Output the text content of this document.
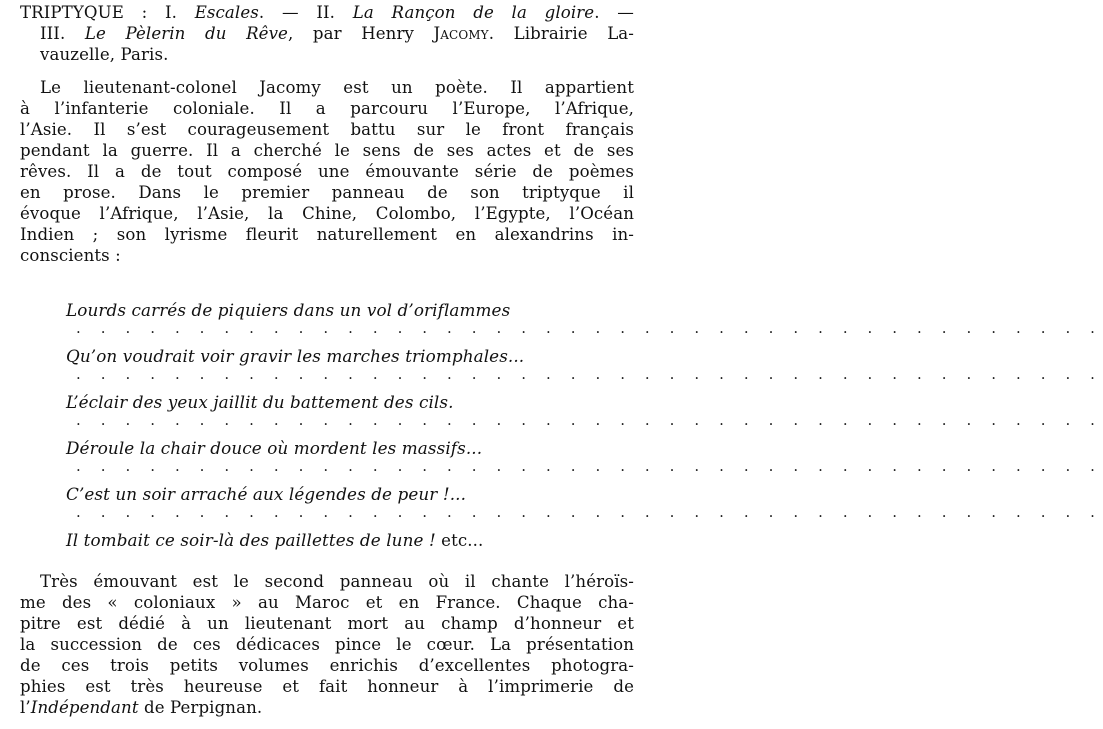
TRIPTYQUE : I. Escales. — II. La Rançon de la gloire. —
III. Le Pèlerin du Rêve, par Henry Jacomy. Librairie La-
vauzelle, Paris.
Le lieutenant-colonel Jacomy est un poète. Il appartient
à l’infanterie coloniale. Il a parcouru l’Europe, l’Afrique,
l’Asie. Il s’est courageusement battu sur le front français
pendant la guerre. Il a cherché le sens de ses actes et de ses
rêves. Il a de tout composé une émouvante série de poèmes
en prose. Dans le premier panneau de son triptyque il
évoque l’Afrique, l’Asie, la Chine, Colombo, l’Egypte, l’Océan
Indien ; son lyrisme fleurit naturellement en alexandrins in-
conscients :
Lourds carrés de piquiers dans un vol d’oriflammes
. . . . . . . . . . . . . . . . . . . . . . . . . . . . . . . . . . . . . . . . . .
Qu’on voudrait voir gravir les marches triomphales...
. . . . . . . . . . . . . . . . . . . . . . . . . . . . . . . . . . . . . . . . . .
L’éclair des yeux jaillit du battement des cils.
. . . . . . . . . . . . . . . . . . . . . . . . . . . . . . . . . . . . . . . . . .
Déroule la chair douce où mordent les massifs...
. . . . . . . . . . . . . . . . . . . . . . . . . . . . . . . . . . . . . . . . . .
C’est un soir arraché aux légendes de peur !...
. . . . . . . . . . . . . . . . . . . . . . . . . . . . . . . . . . . . . . . . . .
Il tombait ce soir-là des paillettes de lune ! etc...
Très émouvant est le second panneau où il chante l’héroïs-
me des « coloniaux » au Maroc et en France. Chaque cha-
pitre est dédié à un lieutenant mort au champ d’honneur et
la succession de ces dédicaces pince le cœur. La présentation
de ces trois petits volumes enrichis d’excellentes photogra-
phies est très heureuse et fait honneur à l’imprimerie de
l’Indépendant de Perpignan.
